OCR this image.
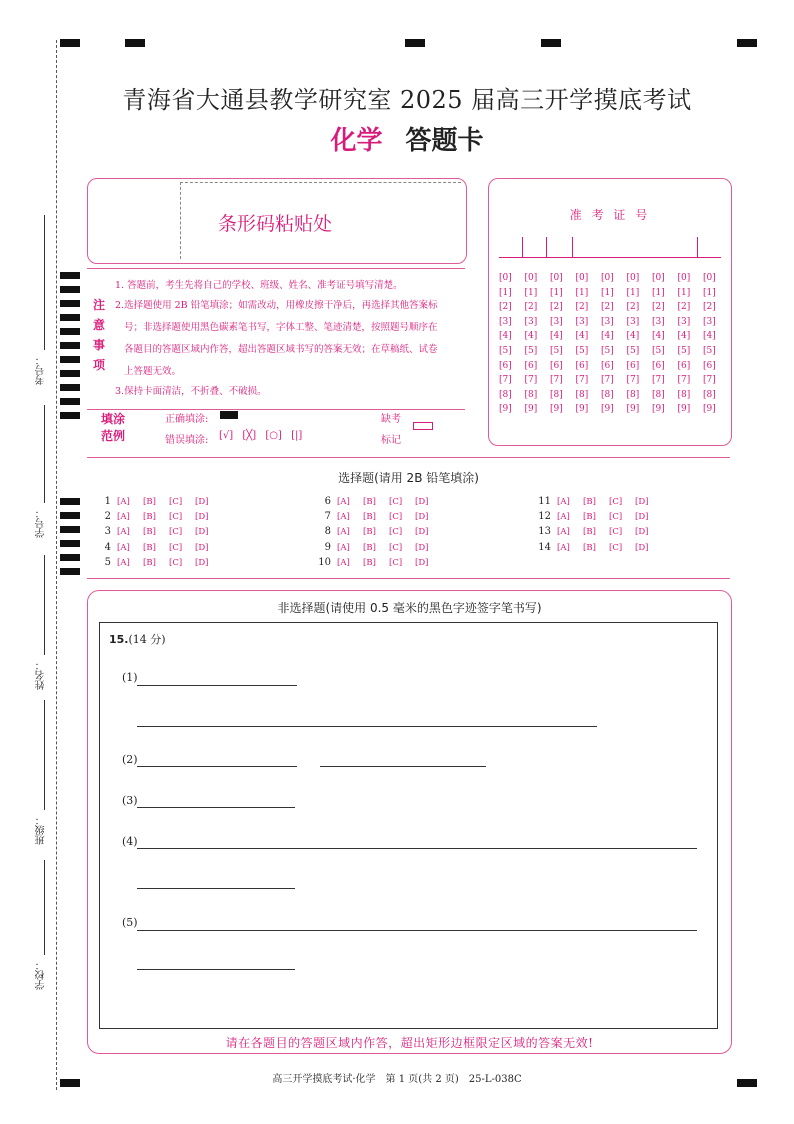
考号：
学号：
姓名：
班级：
学校：
青海省大通县教学研究室 2025 届高三开学摸底考试
化学 答题卡
条形码粘贴处	准 考 证 号
[0] [0] [0] [0] [0] [0] [0] [0] [0]
[1] [1] [1] [1] [1] [1] [1] [1] [1]
[2] [2] [2] [2] [2] [2] [2] [2] [2]
[3] [3] [3] [3] [3] [3] [3] [3] [3]
[4] [4] [4] [4] [4] [4] [4] [4] [4]
[5] [5] [5] [5] [5] [5] [5] [5] [5]
[6] [6] [6] [6] [6] [6] [6] [6] [6]
[7] [7] [7] [7] [7] [7] [7] [7] [7]
[8] [8] [8] [8] [8] [8] [8] [8] [8]
[9] [9] [9] [9] [9] [9] [9] [9] [9]
注
意
事
项
1. 答题前，考生先将自己的学校、班级、姓名、准考证号填写清楚。
2.选择题使用 2B 铅笔填涂；如需改动，用橡皮擦干净后，再选择其他答案标
号；非选择题使用黑色碳素笔书写，字体工整、笔迹清楚，按照题号顺序在
各题目的答题区域内作答，超出答题区域书写的答案无效；在草稿纸、试卷
上答题无效。
3.保持卡面清洁，不折叠、不破损。
填涂
范例
正确填涂:
错误填涂: [√] [╳] [○] [|]
缺考
标记
选择题(请用 2B 铅笔填涂)
1 [A] [B] [C] [D]
2 [A] [B] [C] [D]
3 [A] [B] [C] [D]
4 [A] [B] [C] [D]
5 [A] [B] [C] [D]
6 [A] [B] [C] [D]
7 [A] [B] [C] [D]
8 [A] [B] [C] [D]
9 [A] [B] [C] [D]
10 [A] [B] [C] [D]
11 [A] [B] [C] [D]
12 [A] [B] [C] [D]
13 [A] [B] [C] [D]
14 [A] [B] [C] [D]
非选择题(请使用 0.5 毫米的黑色字迹签字笔书写)
15.(14 分)
(1)
(2)
(3)
(4)
(5)
请在各题目的答题区域内作答，超出矩形边框限定区域的答案无效!
高三开学摸底考试·化学　第 1 页(共 2 页)　25-L-038C
